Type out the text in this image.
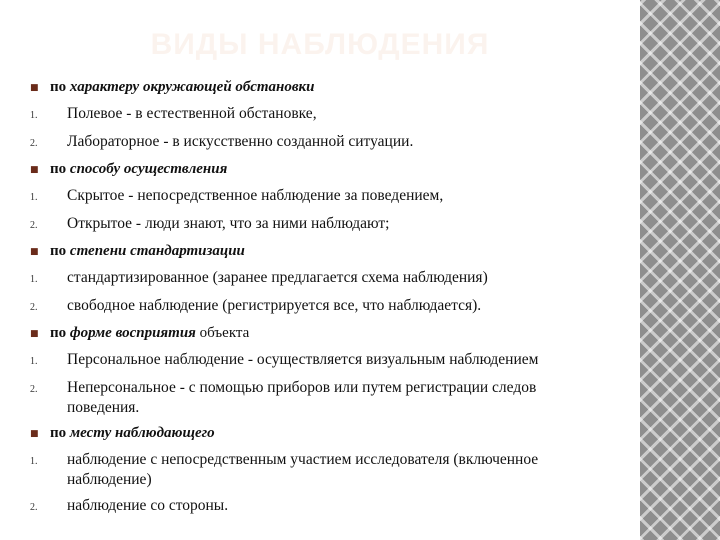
ВИДЫ НАБЛЮДЕНИЯ
■ по характеру окружающей обстановки
1.	Полевое - в естественной обстановке,
2.	Лабораторное - в искусственно созданной ситуации.
■ по способу осуществления
1.	Скрытое - непосредственное наблюдение за поведением,
2.	Открытое - люди знают, что за ними наблюдают;
■ по степени стандартизации
1.	стандартизированное (заранее предлагается схема наблюдения)
2.	свободное наблюдение (регистрируется все, что наблюдается).
■ по форме восприятия объекта
1.	Персональное наблюдение - осуществляется визуальным наблюдением
2.	Неперсональное - с помощью приборов или путем регистрации следов поведения.
■ по месту наблюдающего
1.	наблюдение с непосредственным участием исследователя (включенное наблюдение)
2.	наблюдение со стороны.
